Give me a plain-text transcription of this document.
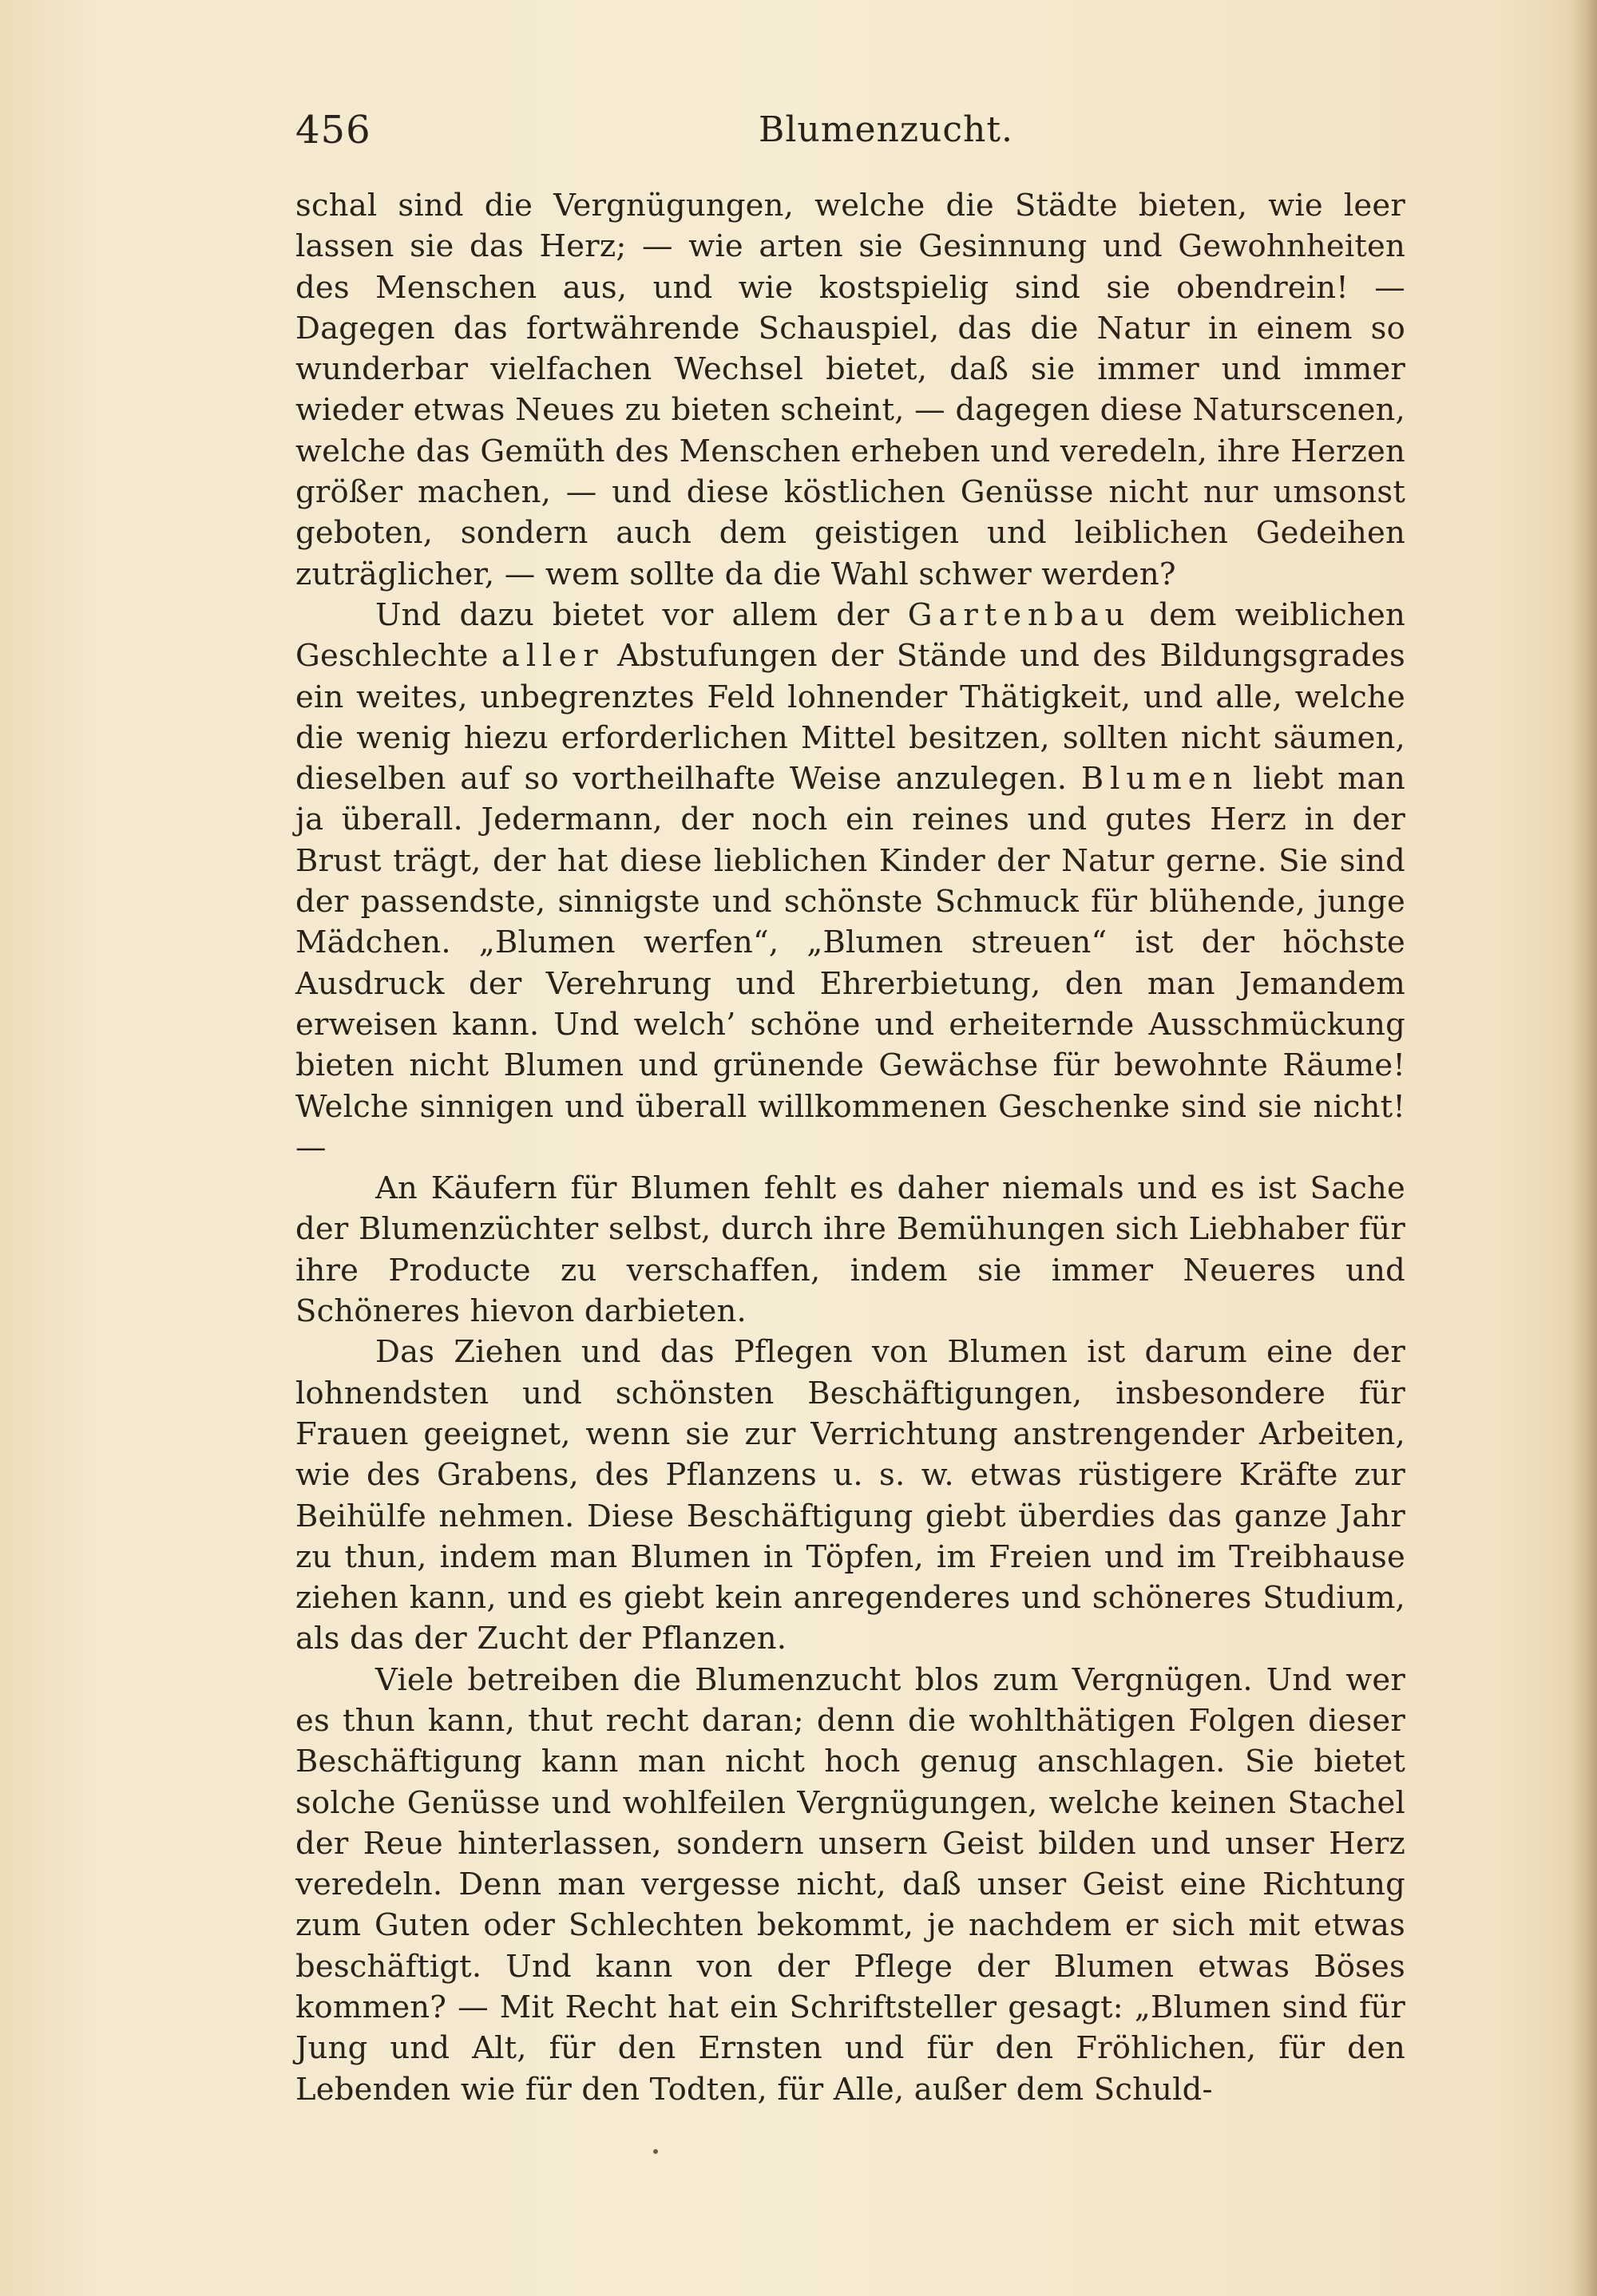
456	Blumenzucht.

schal sind die Vergnügungen, welche die Städte bieten, wie leer lassen sie das Herz; — wie arten sie Gesinnung und Gewohnheiten des Menschen aus, und wie kostspielig sind sie obendrein! — Dagegen das fortwährende Schauspiel, das die Natur in einem so wunderbar vielfachen Wechsel bietet, daß sie immer und immer wieder etwas Neues zu bieten scheint, — dagegen diese Naturscenen, welche das Gemüth des Menschen erheben und veredeln, ihre Herzen größer machen, — und diese köstlichen Genüsse nicht nur umsonst geboten, sondern auch dem geistigen und leiblichen Gedeihen zuträglicher, — wem sollte da die Wahl schwer werden?

Und dazu bietet vor allem der Gartenbau dem weiblichen Geschlechte aller Abstufungen der Stände und des Bildungsgrades ein weites, unbegrenztes Feld lohnender Thätigkeit, und alle, welche die wenig hiezu erforderlichen Mittel besitzen, sollten nicht säumen, dieselben auf so vortheilhafte Weise anzulegen. Blumen liebt man ja überall. Jedermann, der noch ein reines und gutes Herz in der Brust trägt, der hat diese lieblichen Kinder der Natur gerne. Sie sind der passendste, sinnigste und schönste Schmuck für blühende, junge Mädchen. „Blumen werfen“, „Blumen streuen“ ist der höchste Ausdruck der Verehrung und Ehrerbietung, den man Jemandem erweisen kann. Und welch’ schöne und erheiternde Ausschmückung bieten nicht Blumen und grünende Gewächse für bewohnte Räume! Welche sinnigen und überall willkommenen Geschenke sind sie nicht! —

An Käufern für Blumen fehlt es daher niemals und es ist Sache der Blumenzüchter selbst, durch ihre Bemühungen sich Liebhaber für ihre Producte zu verschaffen, indem sie immer Neueres und Schöneres hievon darbieten.

Das Ziehen und das Pflegen von Blumen ist darum eine der lohnendsten und schönsten Beschäftigungen, insbesondere für Frauen geeignet, wenn sie zur Verrichtung anstrengender Arbeiten, wie des Grabens, des Pflanzens u. s. w. etwas rüstigere Kräfte zur Beihülfe nehmen. Diese Beschäftigung giebt überdies das ganze Jahr zu thun, indem man Blumen in Töpfen, im Freien und im Treibhause ziehen kann, und es giebt kein anregenderes und schöneres Studium, als das der Zucht der Pflanzen.

Viele betreiben die Blumenzucht blos zum Vergnügen. Und wer es thun kann, thut recht daran; denn die wohlthätigen Folgen dieser Beschäftigung kann man nicht hoch genug anschlagen. Sie bietet solche Genüsse und wohlfeilen Vergnügungen, welche keinen Stachel der Reue hinterlassen, sondern unsern Geist bilden und unser Herz veredeln. Denn man vergesse nicht, daß unser Geist eine Richtung zum Guten oder Schlechten bekommt, je nachdem er sich mit etwas beschäftigt. Und kann von der Pflege der Blumen etwas Böses kommen? — Mit Recht hat ein Schriftsteller gesagt: „Blumen sind für Jung und Alt, für den Ernsten und für den Fröhlichen, für den Lebenden wie für den Todten, für Alle, außer dem Schuld-
